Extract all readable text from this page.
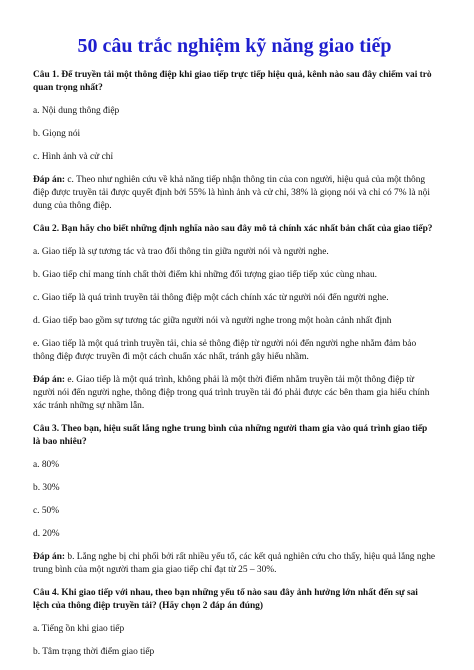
50 câu trắc nghiệm kỹ năng giao tiếp

Câu 1. Để truyền tải một thông điệp khi giao tiếp trực tiếp hiệu quả, kênh nào sau đây chiếm vai trò quan trọng nhất?

a. Nội dung thông điệp

b. Giọng nói

c. Hình ảnh và cử chỉ

Đáp án: c. Theo như nghiên cứu về khả năng tiếp nhận thông tin của con người, hiệu quả của một thông điệp được truyền tải được quyết định bởi 55% là hình ảnh và cử chỉ, 38% là giọng nói và chỉ có 7% là nội dung của thông điệp.

Câu 2. Bạn hãy cho biết những định nghĩa nào sau đây mô tả chính xác nhất bản chất của giao tiếp?

a. Giao tiếp là sự tương tác và trao đổi thông tin giữa người nói và người nghe.

b. Giao tiếp chỉ mang tính chất thời điểm khi những đối tượng giao tiếp tiếp xúc cùng nhau.

c. Giao tiếp là quá trình truyền tải thông điệp một cách chính xác từ người nói đến người nghe.

d. Giao tiếp bao gồm sự tương tác giữa người nói và người nghe trong một hoàn cảnh nhất định

e. Giao tiếp là một quá trình truyền tải, chia sẻ thông điệp từ người nói đến người nghe nhằm đảm bảo thông điệp được truyền đi một cách chuẩn xác nhất, tránh gây hiểu nhầm.

Đáp án: e. Giao tiếp là một quá trình, không phải là một thời điểm nhằm truyền tải một thông điệp từ người nói đến người nghe, thông điệp trong quá trình truyền tải đó phải được các bên tham gia hiểu chính xác tránh những sự nhầm lẫn.

Câu 3. Theo bạn, hiệu suất lắng nghe trung bình của những người tham gia vào quá trình giao tiếp là bao nhiêu?

a. 80%

b. 30%

c. 50%

d. 20%

Đáp án: b. Lắng nghe bị chi phối bởi rất nhiều yếu tố, các kết quả nghiên cứu cho thấy, hiệu quả lắng nghe trung bình của một người tham gia giao tiếp chỉ đạt từ 25 – 30%.

Câu 4. Khi giao tiếp với nhau, theo bạn những yếu tố nào sau đây ảnh hưởng lớn nhất đến sự sai lệch của thông điệp truyền tải? (Hãy chọn 2 đáp án đúng)

a. Tiếng ồn khi giao tiếp

b. Tâm trạng thời điểm giao tiếp
